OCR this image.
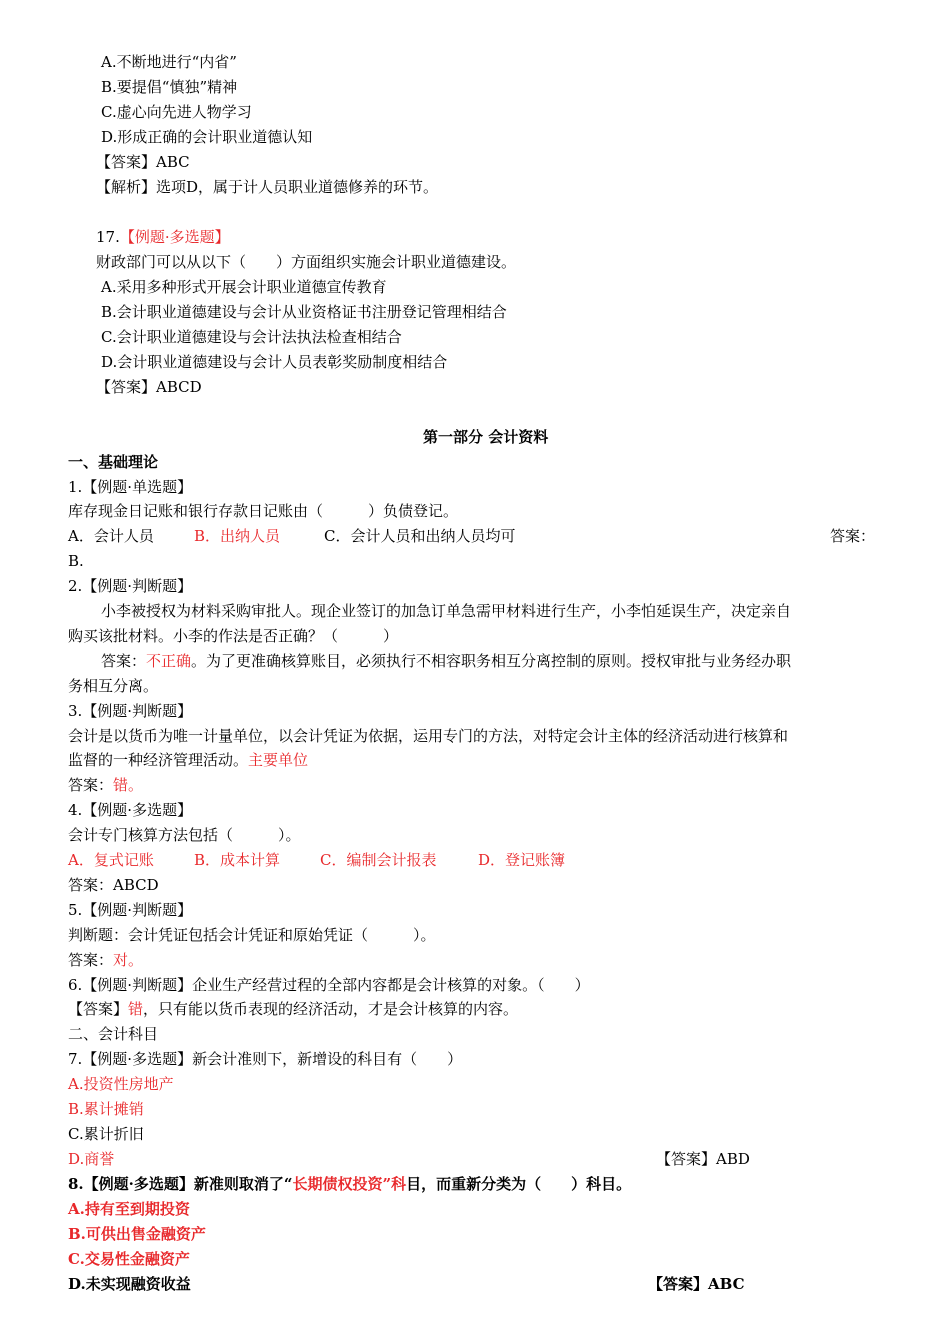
A.不断地进行“内省”
B.要提倡“慎独”精神
C.虚心向先进人物学习
D.形成正确的会计职业道德认知
【答案】ABC
【解析】选项D，属于计人员职业道德修养的环节。
17.【例题·多选题】
财政部门可以从以下（　　）方面组织实施会计职业道德建设。
A.采用多种形式开展会计职业道德宣传教育
B.会计职业道德建设与会计从业资格证书注册登记管理相结合
C.会计职业道德建设与会计法执法检查相结合
D.会计职业道德建设与会计人员表彰奖励制度相结合
【答案】ABCD
第一部分 会计资料
一、基础理论
1.【例题·单选题】
库存现金日记账和银行存款日记账由（　　　）负债登记。
A．会计人员	B．出纳人员	C．会计人员和出纳人员均可	答案：
B.
2.【例题·判断题】
小李被授权为材料采购审批人。现企业签订的加急订单急需甲材料进行生产，小李怕延误生产，决定亲自
购买该批材料。小李的作法是否正确？（　　　）
答案：不正确。为了更准确核算账目，必须执行不相容职务相互分离控制的原则。授权审批与业务经办职
务相互分离。
3.【例题·判断题】
会计是以货币为唯一计量单位，以会计凭证为依据，运用专门的方法，对特定会计主体的经济活动进行核算和
监督的一种经济管理活动。主要单位
答案：错。
4.【例题·多选题】
会计专门核算方法包括（　　　）。
A．复式记账	B．成本计算	C．编制会计报表	D．登记账簿
答案：ABCD
5.【例题·判断题】
判断题：会计凭证包括会计凭证和原始凭证（　　　）。
答案：对。
6.【例题·判断题】企业生产经营过程的全部内容都是会计核算的对象。（　　）
【答案】错，只有能以货币表现的经济活动，才是会计核算的内容。
二、会计科目
7.【例题·多选题】新会计准则下，新增设的科目有（　　）
A.投资性房地产
B.累计摊销
C.累计折旧
D.商誉	【答案】ABD
8.【例题·多选题】新准则取消了“长期债权投资”科目，而重新分类为（　　）科目。
A.持有至到期投资
B.可供出售金融资产
C.交易性金融资产
D.未实现融资收益	【答案】ABC
